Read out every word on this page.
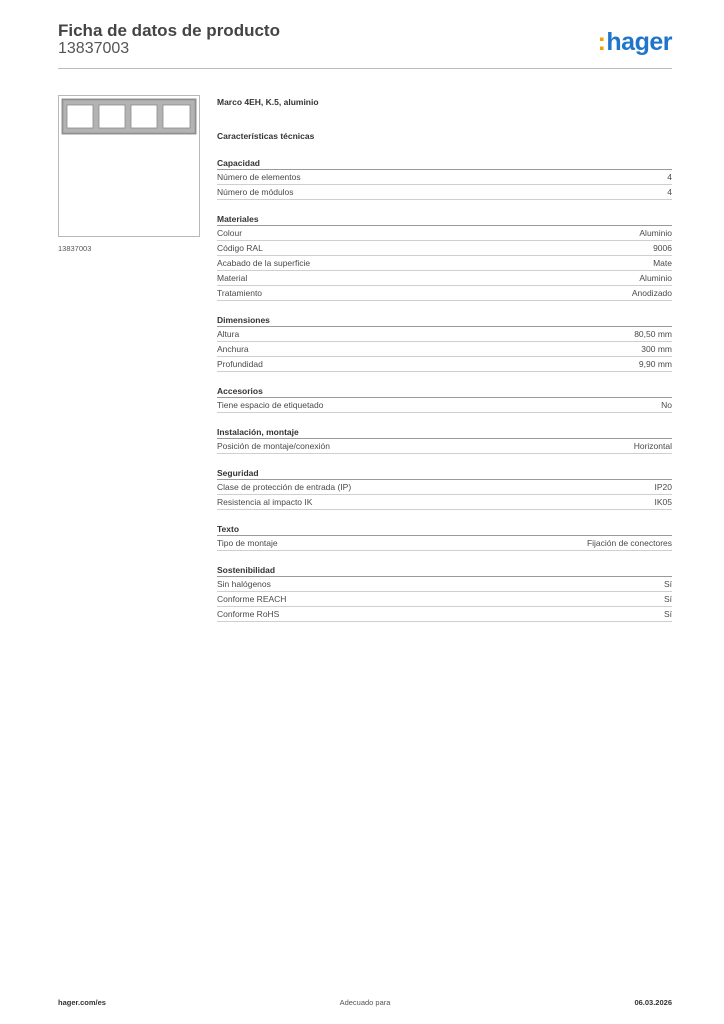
Ficha de datos de producto
13837003	:hager
13837003
Marco 4EH, K.5, aluminio
Características técnicas
Capacidad
Número de elementos	4
Número de módulos	4
Materiales
Colour	Aluminio
Código RAL	9006
Acabado de la superficie	Mate
Material	Aluminio
Tratamiento	Anodizado
Dimensiones
Altura	80,50 mm
Anchura	300 mm
Profundidad	9,90 mm
Accesorios
Tiene espacio de etiquetado	No
Instalación, montaje
Posición de montaje/conexión	Horizontal
Seguridad
Clase de protección de entrada (IP)	IP20
Resistencia al impacto IK	IK05
Texto
Tipo de montaje	Fijación de conectores
Sostenibilidad
Sin halógenos	Sí
Conforme REACH	Sí
Conforme RoHS	Sí
hager.com/es	Adecuado para	06.03.2026
